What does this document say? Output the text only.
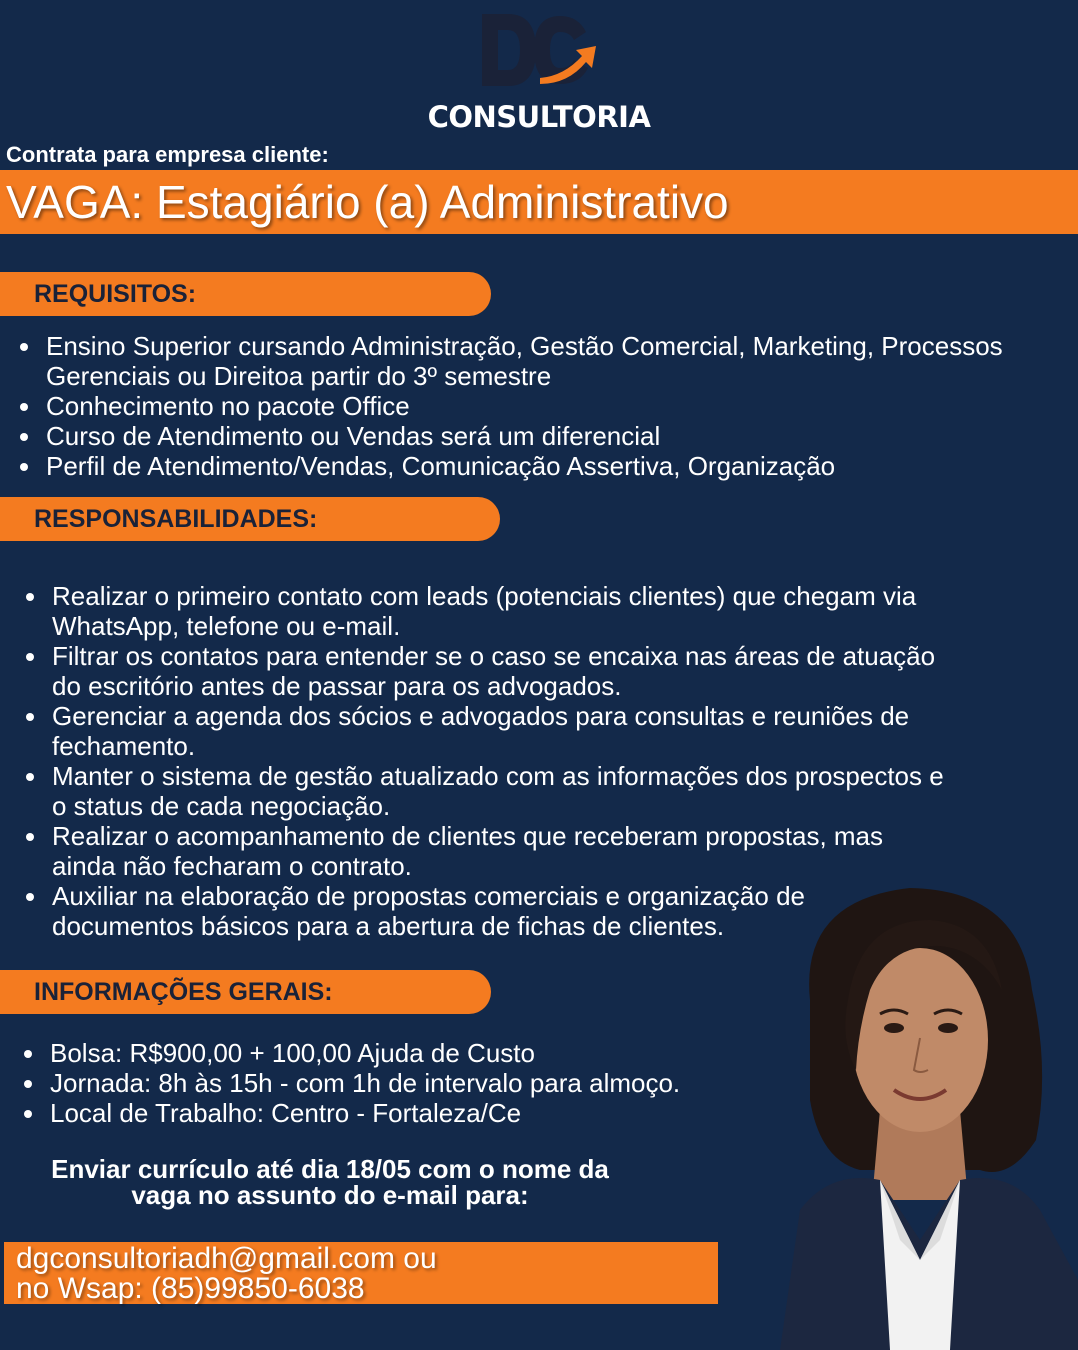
CONSULTORIA
Contrata para empresa cliente:
VAGA: Estagiário (a) Administrativo
REQUISITOS:
Ensino Superior cursando Administração, Gestão Comercial, Marketing, Processos Gerenciais ou Direitoa partir do 3º semestre
Conhecimento no pacote Office
Curso de Atendimento ou Vendas será um diferencial
Perfil de Atendimento/Vendas, Comunicação Assertiva, Organização
RESPONSABILIDADES:
Realizar o primeiro contato com leads (potenciais clientes) que chegam via WhatsApp, telefone ou e-mail.
Filtrar os contatos para entender se o caso se encaixa nas áreas de atuação do escritório antes de passar para os advogados.
Gerenciar a agenda dos sócios e advogados para consultas e reuniões de fechamento.
Manter o sistema de gestão atualizado com as informações dos prospectos e o status de cada negociação.
Realizar o acompanhamento de clientes que receberam propostas, mas ainda não fecharam o contrato.
Auxiliar na elaboração de propostas comerciais e organização de documentos básicos para a abertura de fichas de clientes.
INFORMAÇÕES GERAIS:
Bolsa: R$900,00 + 100,00 Ajuda de Custo
Jornada: 8h às 15h - com 1h de intervalo para almoço.
Local de Trabalho: Centro - Fortaleza/Ce
Enviar currículo até dia 18/05 com o nome da
vaga no assunto do e-mail para:
dgconsultoriadh@gmail.com ou
no Wsap: (85)99850-6038
